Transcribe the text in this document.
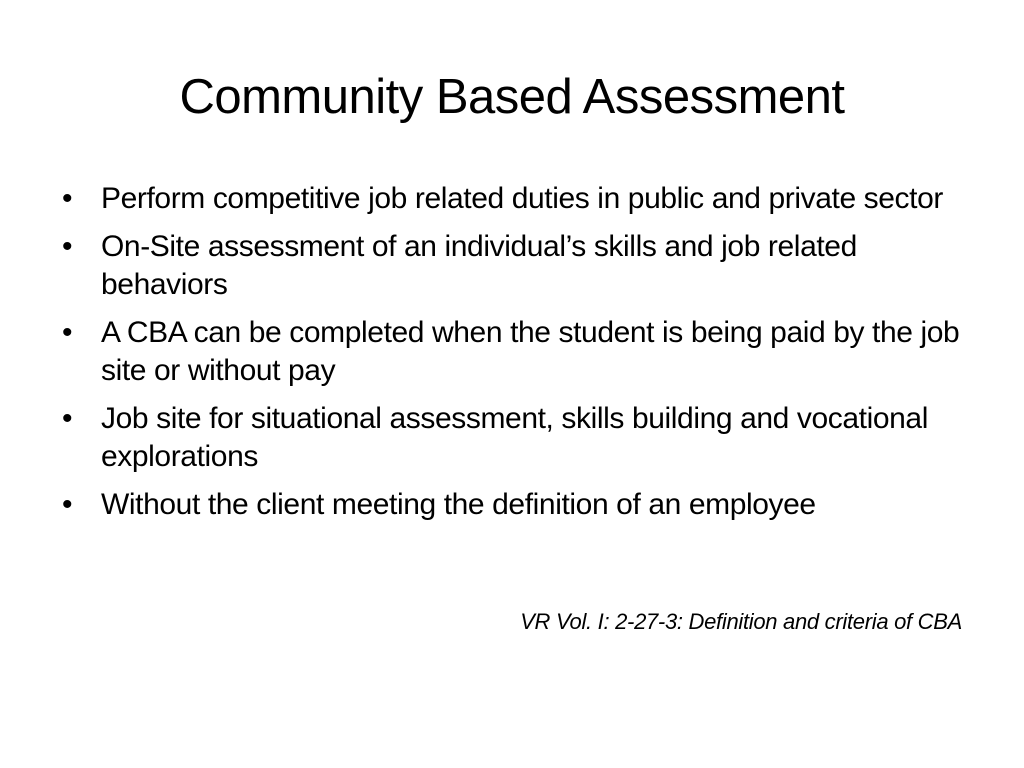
Community Based Assessment
• Perform competitive job related duties in public and private sector
• On-Site assessment of an individual’s skills and job related behaviors
• A CBA can be completed when the student is being paid by the job site or without pay
• Job site for situational assessment, skills building and vocational explorations
• Without the client meeting the definition of an employee
VR Vol. I: 2-27-3: Definition and criteria of CBA
